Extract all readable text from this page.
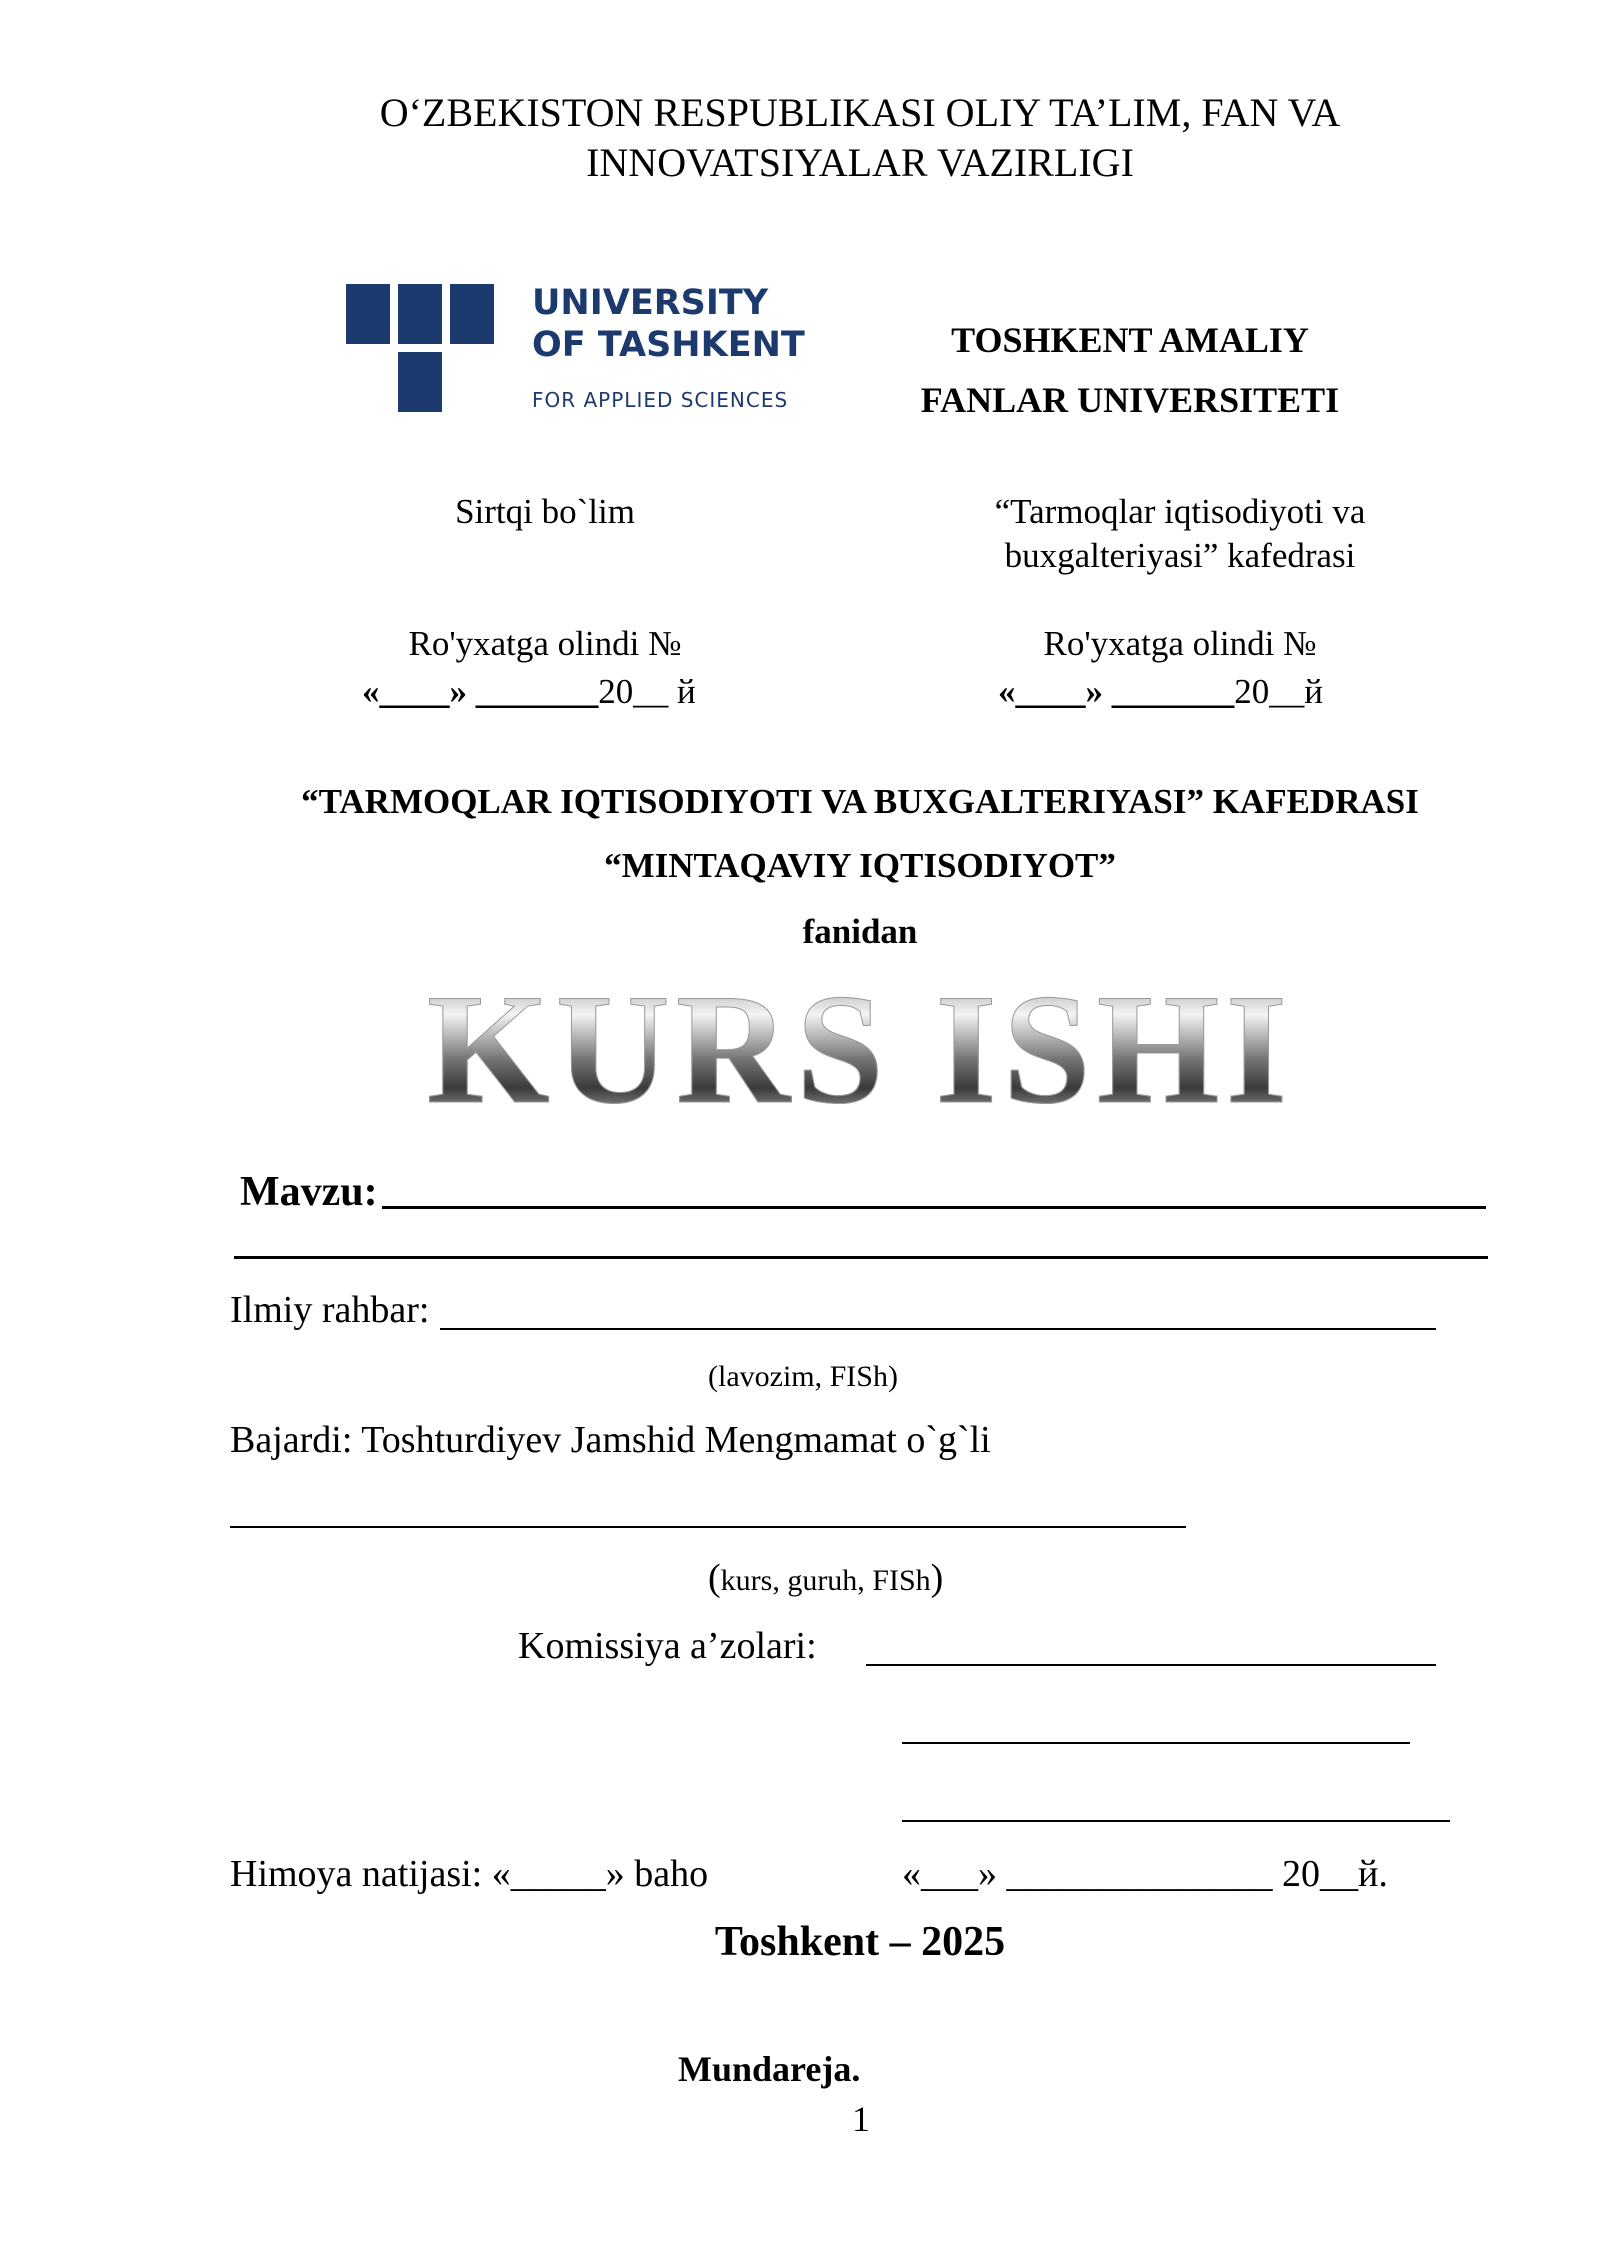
O‘ZBEKISTON RESPUBLIKASI OLIY TA’LIM, FAN VA
INNOVATSIYALAR VAZIRLIGI
UNIVERSITY
OF TASHKENT
FOR APPLIED SCIENCES
TOSHKENT AMALIY
FANLAR UNIVERSITETI
Sirtqi bo`lim
Ro'yxatga olindi №
«____» _______20__ й
“Tarmoqlar iqtisodiyoti va
buxgalteriyasi” kafedrasi
Ro'yxatga olindi №
«____» _______20__й
“TARMOQLAR IQTISODIYOTI VA BUXGALTERIYASI” KAFEDRASI
“MINTAQAVIY IQTISODIYOT”
fanidan
KURS ISHI
Mavzu:
Ilmiy rahbar:
(lavozim, FISh)
Bajardi: Toshturdiyev Jamshid Mengmamat o`g`li
(kurs, guruh, FISh)
Komissiya a’zolari:
Himoya natijasi: «_____» baho	«___» ______________ 20__й.
Toshkent – 2025
Mundareja.
1
